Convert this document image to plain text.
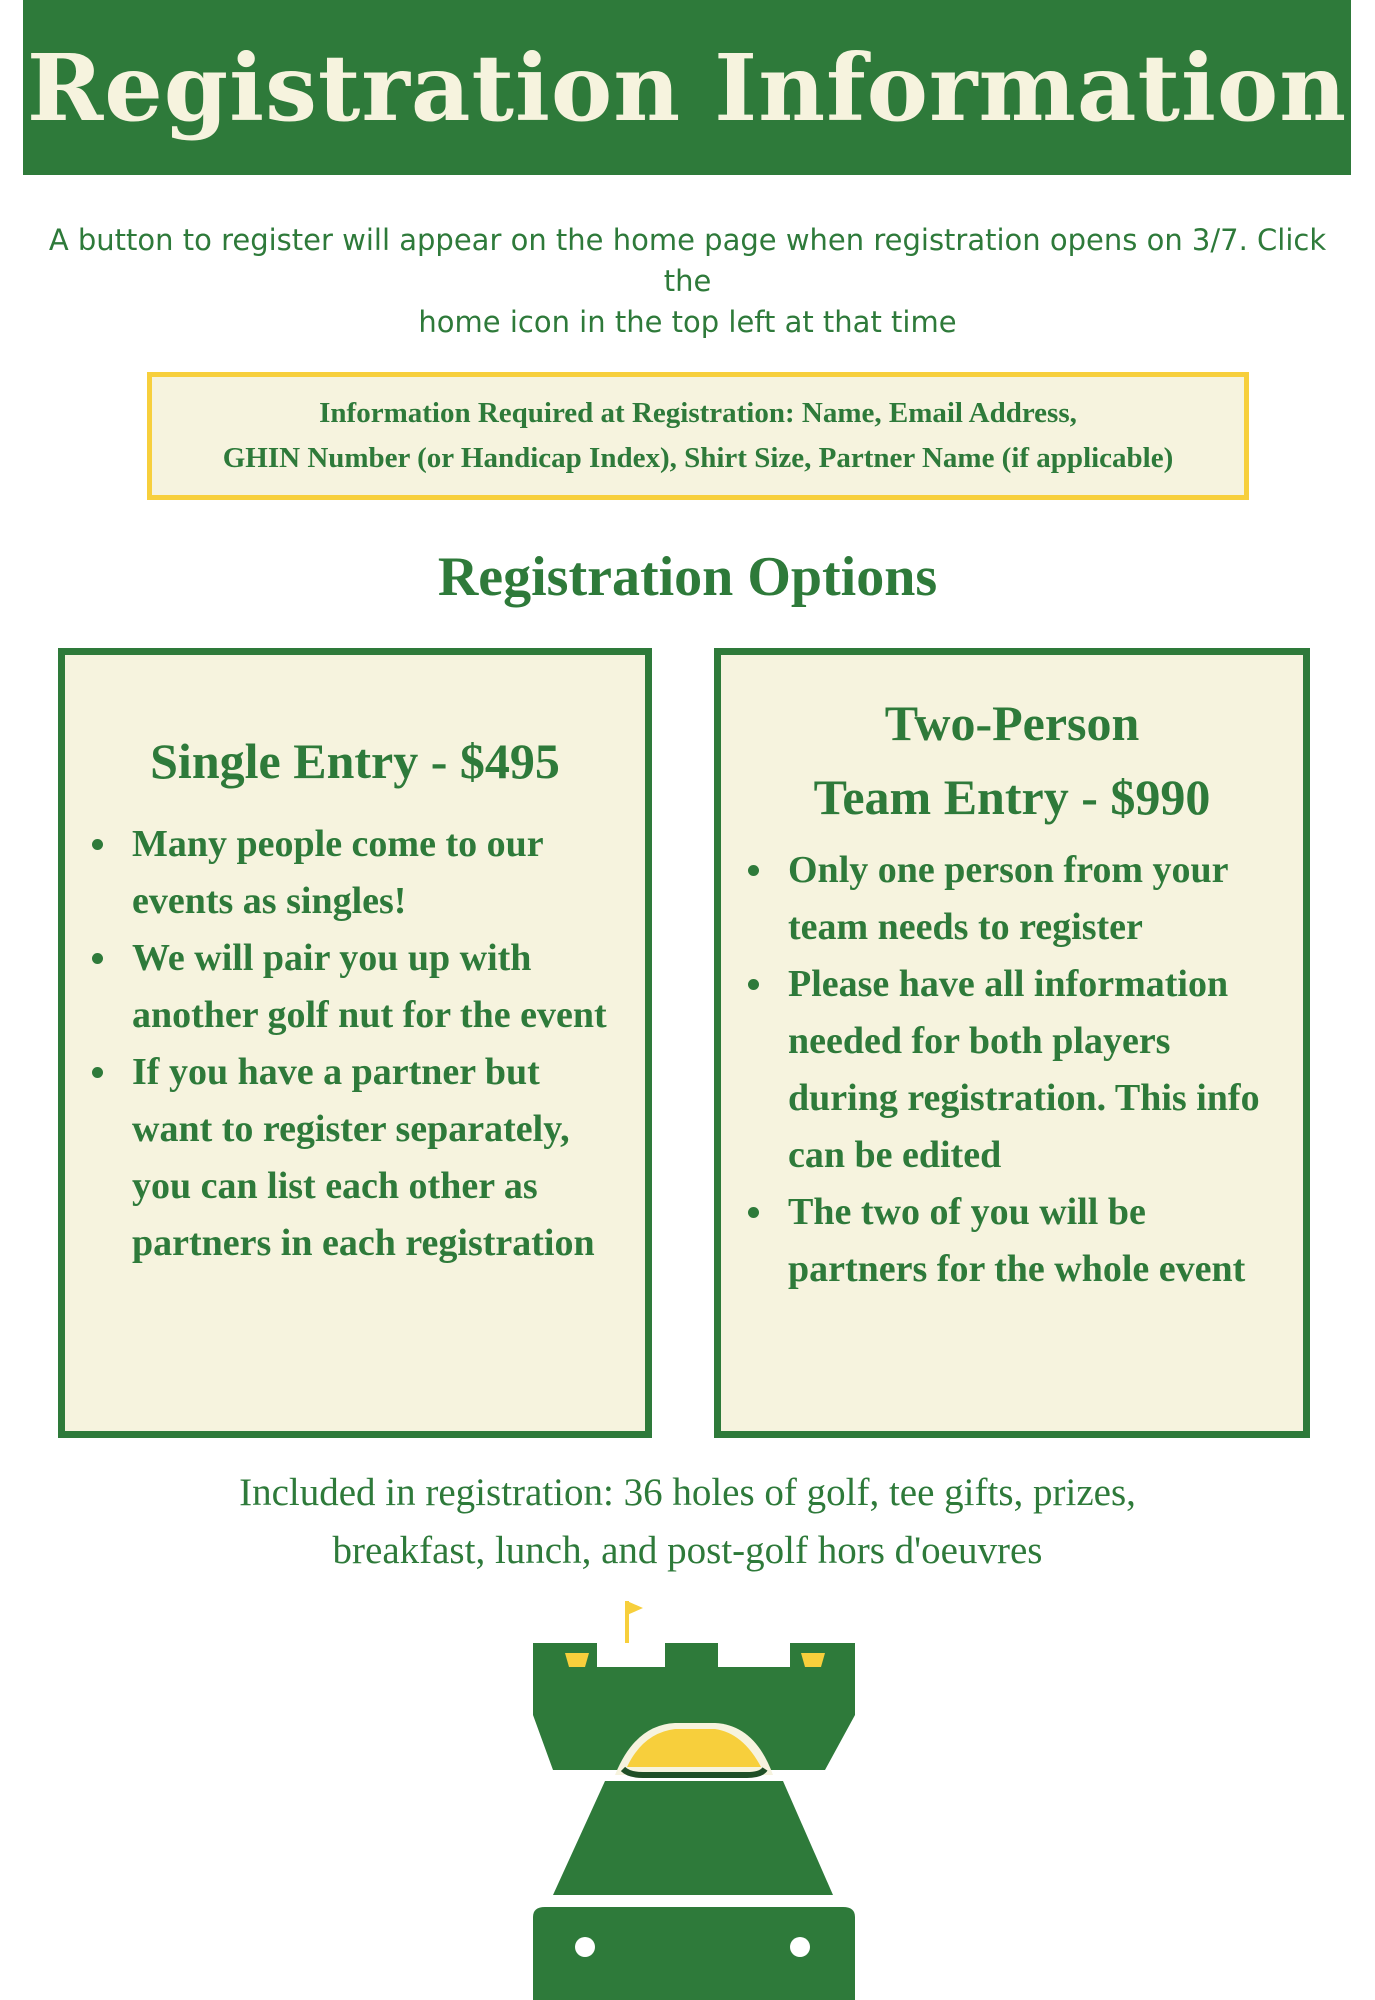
Registration Information
A button to register will appear on the home page when registration opens on 3/7. Click the
home icon in the top left at that time
Information Required at Registration: Name, Email Address,
GHIN Number (or Handicap Index), Shirt Size, Partner Name (if applicable)
Registration Options
Single Entry - $495
Many people come to our events as singles!
We will pair you up with another golf nut for the event
If you have a partner but want to register separately, you can list each other as partners in each registration
Two-Person
Team Entry - $990
Only one person from your team needs to register
Please have all information needed for both players during registration. This info can be edited
The two of you will be partners for the whole event
Included in registration: 36 holes of golf, tee gifts, prizes,
breakfast, lunch, and post-golf hors d'oeuvres
